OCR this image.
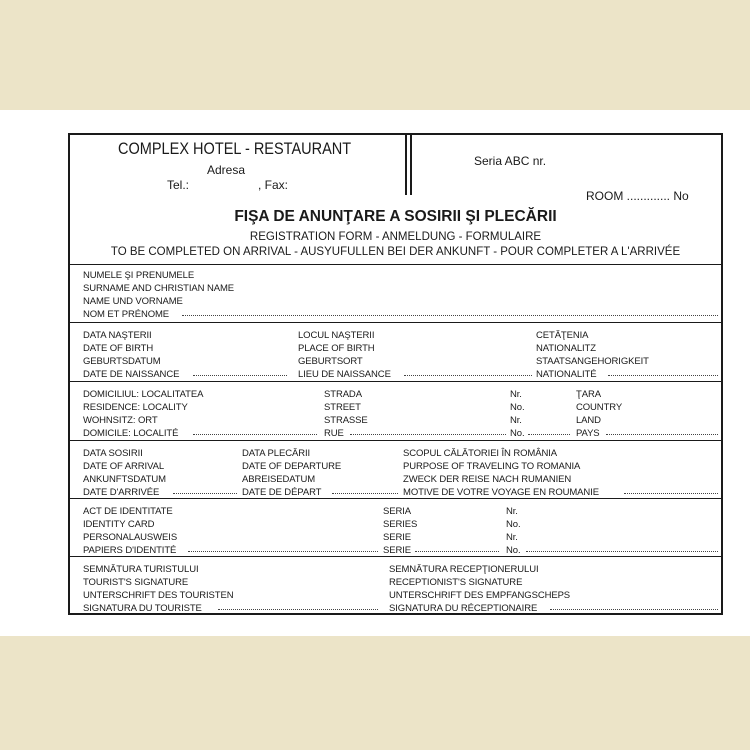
COMPLEX HOTEL - RESTAURANT
Adresa
Tel.:	, Fax:
Seria ABC nr.
ROOM ............. No
FIŞA DE ANUNŢARE A SOSIRII ŞI PLECĂRII
REGISTRATION FORM - ANMELDUNG - FORMULAIRE
TO BE COMPLETED ON ARRIVAL - AUSYUFULLEN BEI DER ANKUNFT - POUR COMPLETER A L'ARRIVÉE
NUMELE ŞI PRENUMELE
SURNAME AND CHRISTIAN NAME
NAME UND VORNAME
NOM ET PRÉNOME
DATA NAŞTERII
DATE OF BIRTH
GEBURTSDATUM
DATE DE NAISSANCE
LOCUL NAŞTERII
PLACE OF BIRTH
GEBURTSORT
LIEU DE NAISSANCE
CETĂŢENIA
NATIONALITZ
STAATSANGEHORIGKEIT
NATIONALITÉ
DOMICILIUL: LOCALITATEA
RESIDENCE: LOCALITY
WOHNSITZ: ORT
DOMICILE: LOCALITÉ
STRADA
STREET
STRASSE
RUE
Nr.
No.
Nr.
No.
ŢARA
COUNTRY
LAND
PAYS
DATA SOSIRII
DATE OF ARRIVAL
ANKUNFTSDATUM
DATE D'ARRIVÉE
DATA PLECĂRII
DATE OF DEPARTURE
ABREISEDATUM
DATE DE DÉPART
SCOPUL CĂLĂTORIEI ÎN ROMÂNIA
PURPOSE OF TRAVELING TO ROMANIA
ZWECK DER REISE NACH RUMANIEN
MOTIVE DE VOTRE VOYAGE EN ROUMANIE
ACT DE IDENTITATE
IDENTITY CARD
PERSONALAUSWEIS
PAPIERS D'IDENTITÉ
SERIA
SERIES
SERIE
SERIE
Nr.
No.
Nr.
No.
SEMNĂTURA TURISTULUI
TOURIST'S SIGNATURE
UNTERSCHRIFT DES TOURISTEN
SIGNATURA DU TOURISTE
SEMNĂTURA RECEPŢIONERULUI
RECEPTIONIST'S SIGNATURE
UNTERSCHRIFT DES EMPFANGSCHEPS
SIGNATURA DU RÉCEPTIONAIRE
